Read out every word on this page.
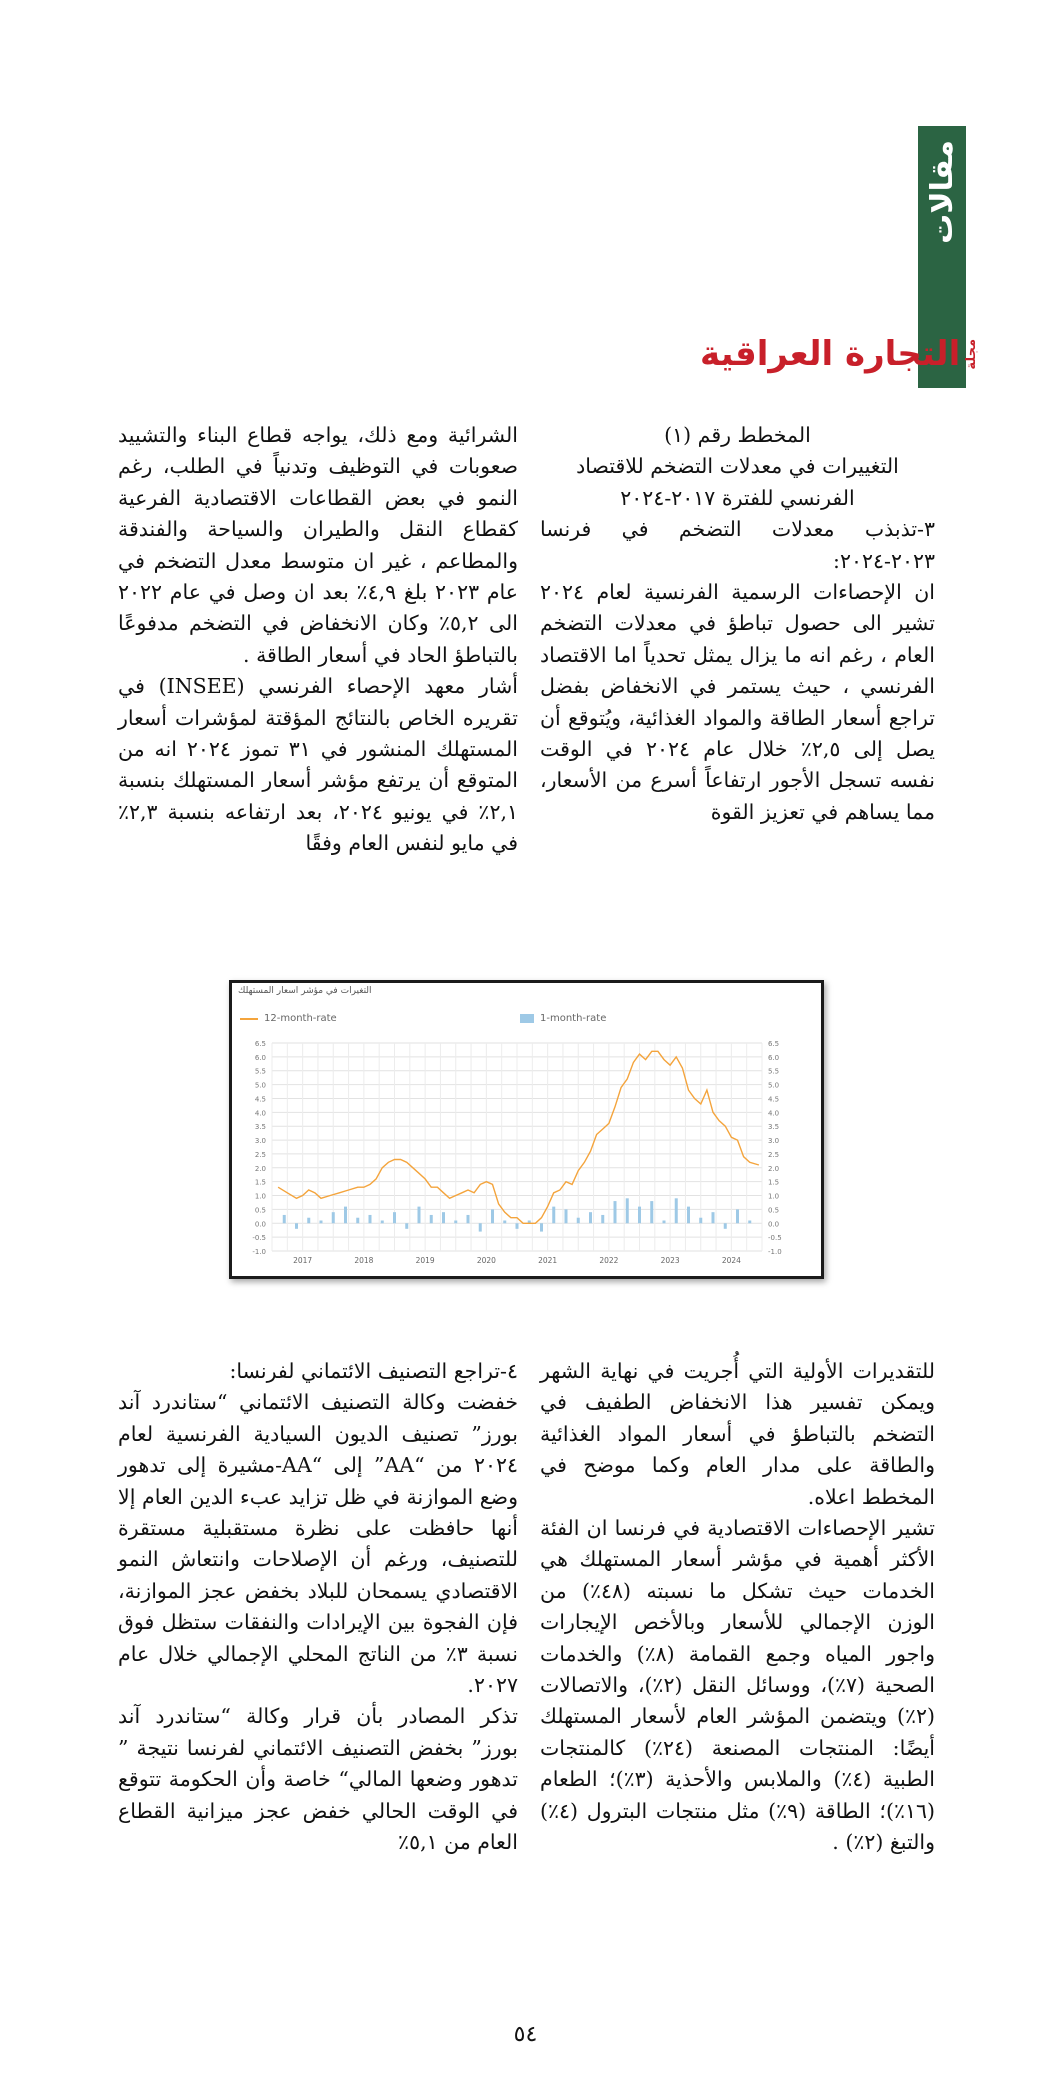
مقالات
مجلة
التجارة العراقية

المخطط رقم (١)

التغييرات في معدلات التضخم للاقتصاد الفرنسي للفترة ٢٠١٧-٢٠٢٤

٣-تذبذب معدلات التضخم في فرنسا ٢٠٢٣-٢٠٢٤:

ان الإحصاءات الرسمية الفرنسية لعام ٢٠٢٤ تشير الى حصول تباطؤ في معدلات التضخم العام ، رغم انه ما يزال يمثل تحدياً اما الاقتصاد الفرنسي ، حيث يستمر في الانخفاض بفضل تراجع أسعار الطاقة والمواد الغذائية، ويُتوقع أن يصل إلى ٢,٥٪ خلال عام ٢٠٢٤ في الوقت نفسه تسجل الأجور ارتفاعاً أسرع من الأسعار، مما يساهم في تعزيز القوة

الشرائية ومع ذلك، يواجه قطاع البناء والتشييد صعوبات في التوظيف وتدنياً في الطلب، رغم النمو في بعض القطاعات الاقتصادية الفرعية كقطاع النقل والطيران والسياحة والفندقة والمطاعم ، غير ان متوسط معدل التضخم في عام ٢٠٢٣ بلغ ٤,٩٪ بعد ان وصل في عام ٢٠٢٢ الى ٥,٢٪ وكان الانخفاض في التضخم مدفوعًا بالتباطؤ الحاد في أسعار الطاقة .

أشار معهد الإحصاء الفرنسي (INSEE) في تقريره الخاص بالنتائج المؤقتة لمؤشرات أسعار المستهلك المنشور في ٣١ تموز ٢٠٢٤ انه من المتوقع أن يرتفع مؤشر أسعار المستهلك بنسبة ٢,١٪ في يونيو ٢٠٢٤، بعد ارتفاعه بنسبة ٢,٣٪ في مايو لنفس العام وفقًا

التغيرات في مؤشر اسعار المستهلك
12-month-rate	1-month-rate
6.5	6.5
6.0	6.0
5.5	5.5
5.0	5.0
4.5	4.5
4.0	4.0
3.5	3.5
3.0	3.0
2.5	2.5
2.0	2.0
1.5	1.5
1.0	1.0
0.5	0.5
0.0	0.0
-0.5	-0.5
-1.0	-1.0
2017	2018	2019	2020	2021	2022	2023	2024

للتقديرات الأولية التي أُجريت في نهاية الشهر ويمكن تفسير هذا الانخفاض الطفيف في التضخم بالتباطؤ في أسعار المواد الغذائية والطاقة على مدار العام وكما موضح في المخطط اعلاه.

تشير الإحصاءات الاقتصادية في فرنسا ان الفئة الأكثر أهمية في مؤشر أسعار المستهلك هي الخدمات حيث تشكل ما نسبته (٤٨٪) من الوزن الإجمالي للأسعار وبالأخص الإيجارات واجور المياه وجمع القمامة (٨٪) والخدمات الصحية (٧٪)، ووسائل النقل (٢٪)، والاتصالات (٢٪) ويتضمن المؤشر العام لأسعار المستهلك أيضًا: المنتجات المصنعة (٢٤٪) كالمنتجات الطبية (٤٪) والملابس والأحذية (٣٪)؛ الطعام (١٦٪)؛ الطاقة (٩٪) مثل منتجات البترول (٤٪) والتبغ (٢٪) .

٤-تراجع التصنيف الائتماني لفرنسا:

خفضت وكالة التصنيف الائتماني “ستاندرد آند بورز” تصنيف الديون السيادية الفرنسية لعام ٢٠٢٤ من “AA” إلى “AA-مشيرة إلى تدهور وضع الموازنة في ظل تزايد عبء الدين العام إلا أنها حافظت على نظرة مستقبلية مستقرة للتصنيف، ورغم أن الإصلاحات وانتعاش النمو الاقتصادي يسمحان للبلاد بخفض عجز الموازنة، فإن الفجوة بين الإيرادات والنفقات ستظل فوق نسبة ٣٪ من الناتج المحلي الإجمالي خلال عام ٢٠٢٧.

تذكر المصادر بأن قرار وكالة “ستاندرد آند بورز” بخفض التصنيف الائتماني لفرنسا نتيجة ” تدهور وضعها المالي“ خاصة وأن الحكومة تتوقع في الوقت الحالي خفض عجز ميزانية القطاع العام من ٥,١٪

٥٤
